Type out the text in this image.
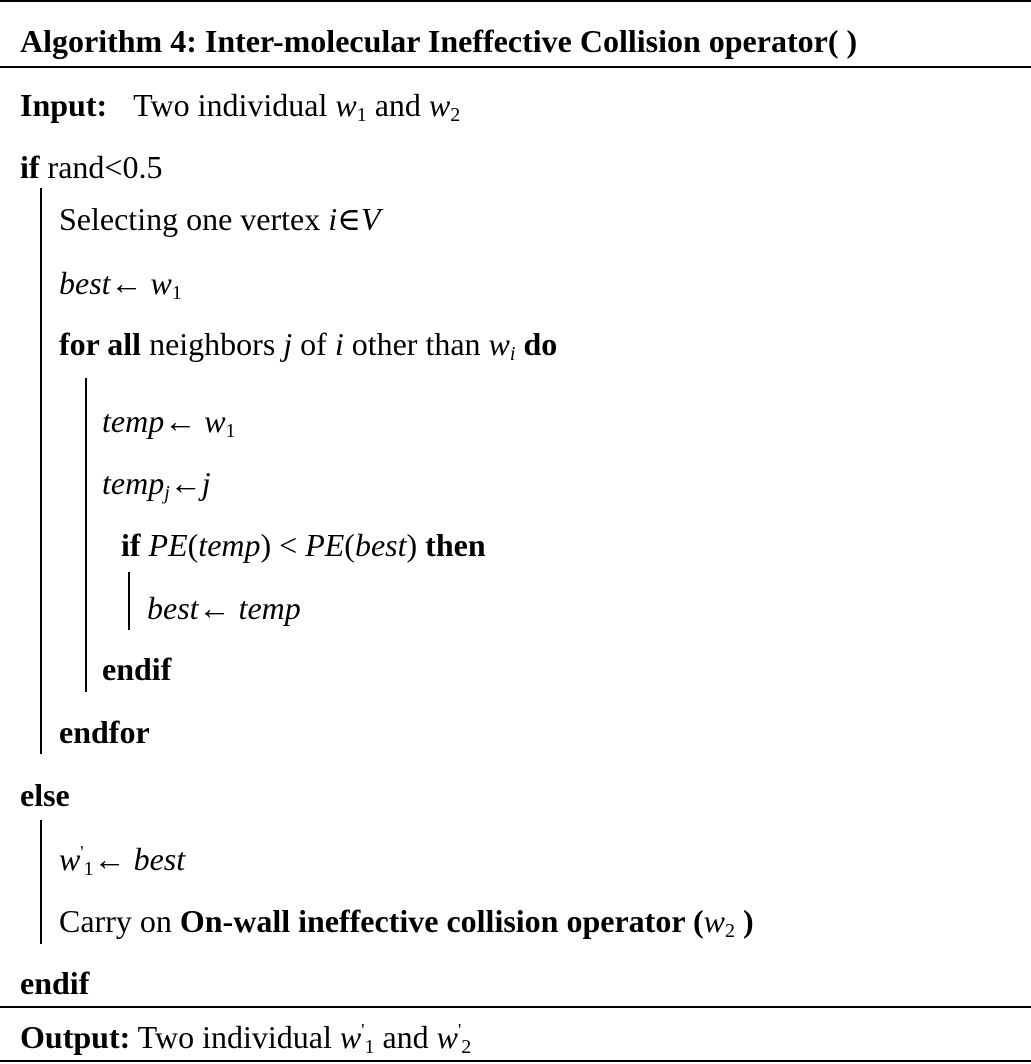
Algorithm 4: Inter-molecular Ineffective Collision operator( )
Input: Two individual $w_1$ and $w_2$
if rand<0.5
Selecting one vertex i∈V
best← $w_1$
for all neighbors j of i other than $w_i$ do
temp← $w_1$
temp$_j$←j
if PE(temp) < PE(best) then
best← temp
endif
endfor
else
$w'_1\leftarrow$ best
Carry on On-wall ineffective collision operator ($w_2$ )
endif
Output: Two individual $w'_1$ and $w'_2$
